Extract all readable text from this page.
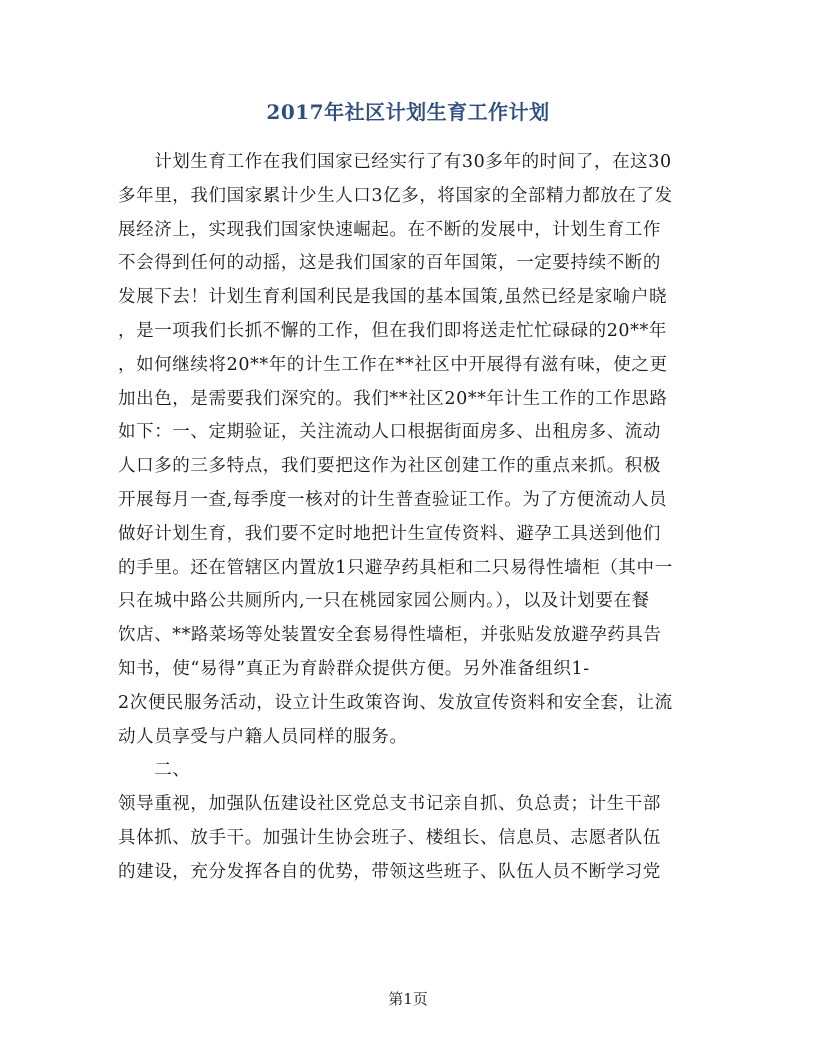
2017年社区计划生育工作计划
　　计划生育工作在我们国家已经实行了有30多年的时间了，在这30
多年里，我们国家累计少生人口3亿多，将国家的全部精力都放在了发
展经济上，实现我们国家快速崛起。在不断的发展中，计划生育工作
不会得到任何的动摇，这是我们国家的百年国策，一定要持续不断的
发展下去！计划生育利国利民是我国的基本国策,虽然已经是家喻户晓
，是一项我们长抓不懈的工作，但在我们即将送走忙忙碌碌的20**年
，如何继续将20**年的计生工作在**社区中开展得有滋有味，使之更
加出色，是需要我们深究的。我们**社区20**年计生工作的工作思路
如下：一、定期验证，关注流动人口根据街面房多、出租房多、流动
人口多的三多特点，我们要把这作为社区创建工作的重点来抓。积极
开展每月一查,每季度一核对的计生普查验证工作。为了方便流动人员
做好计划生育，我们要不定时地把计生宣传资料、避孕工具送到他们
的手里。还在管辖区内置放1只避孕药具柜和二只易得性墙柜（其中一
只在城中路公共厕所内,一只在桃园家园公厕内。），以及计划要在餐
饮店、**路菜场等处装置安全套易得性墙柜，并张贴发放避孕药具告
知书，使“易得”真正为育龄群众提供方便。另外准备组织1-
2次便民服务活动，设立计生政策咨询、发放宣传资料和安全套，让流
动人员享受与户籍人员同样的服务。
　　二、
领导重视，加强队伍建设社区党总支书记亲自抓、负总责；计生干部
具体抓、放手干。加强计生协会班子、楼组长、信息员、志愿者队伍
的建设，充分发挥各自的优势，带领这些班子、队伍人员不断学习党
第1页
